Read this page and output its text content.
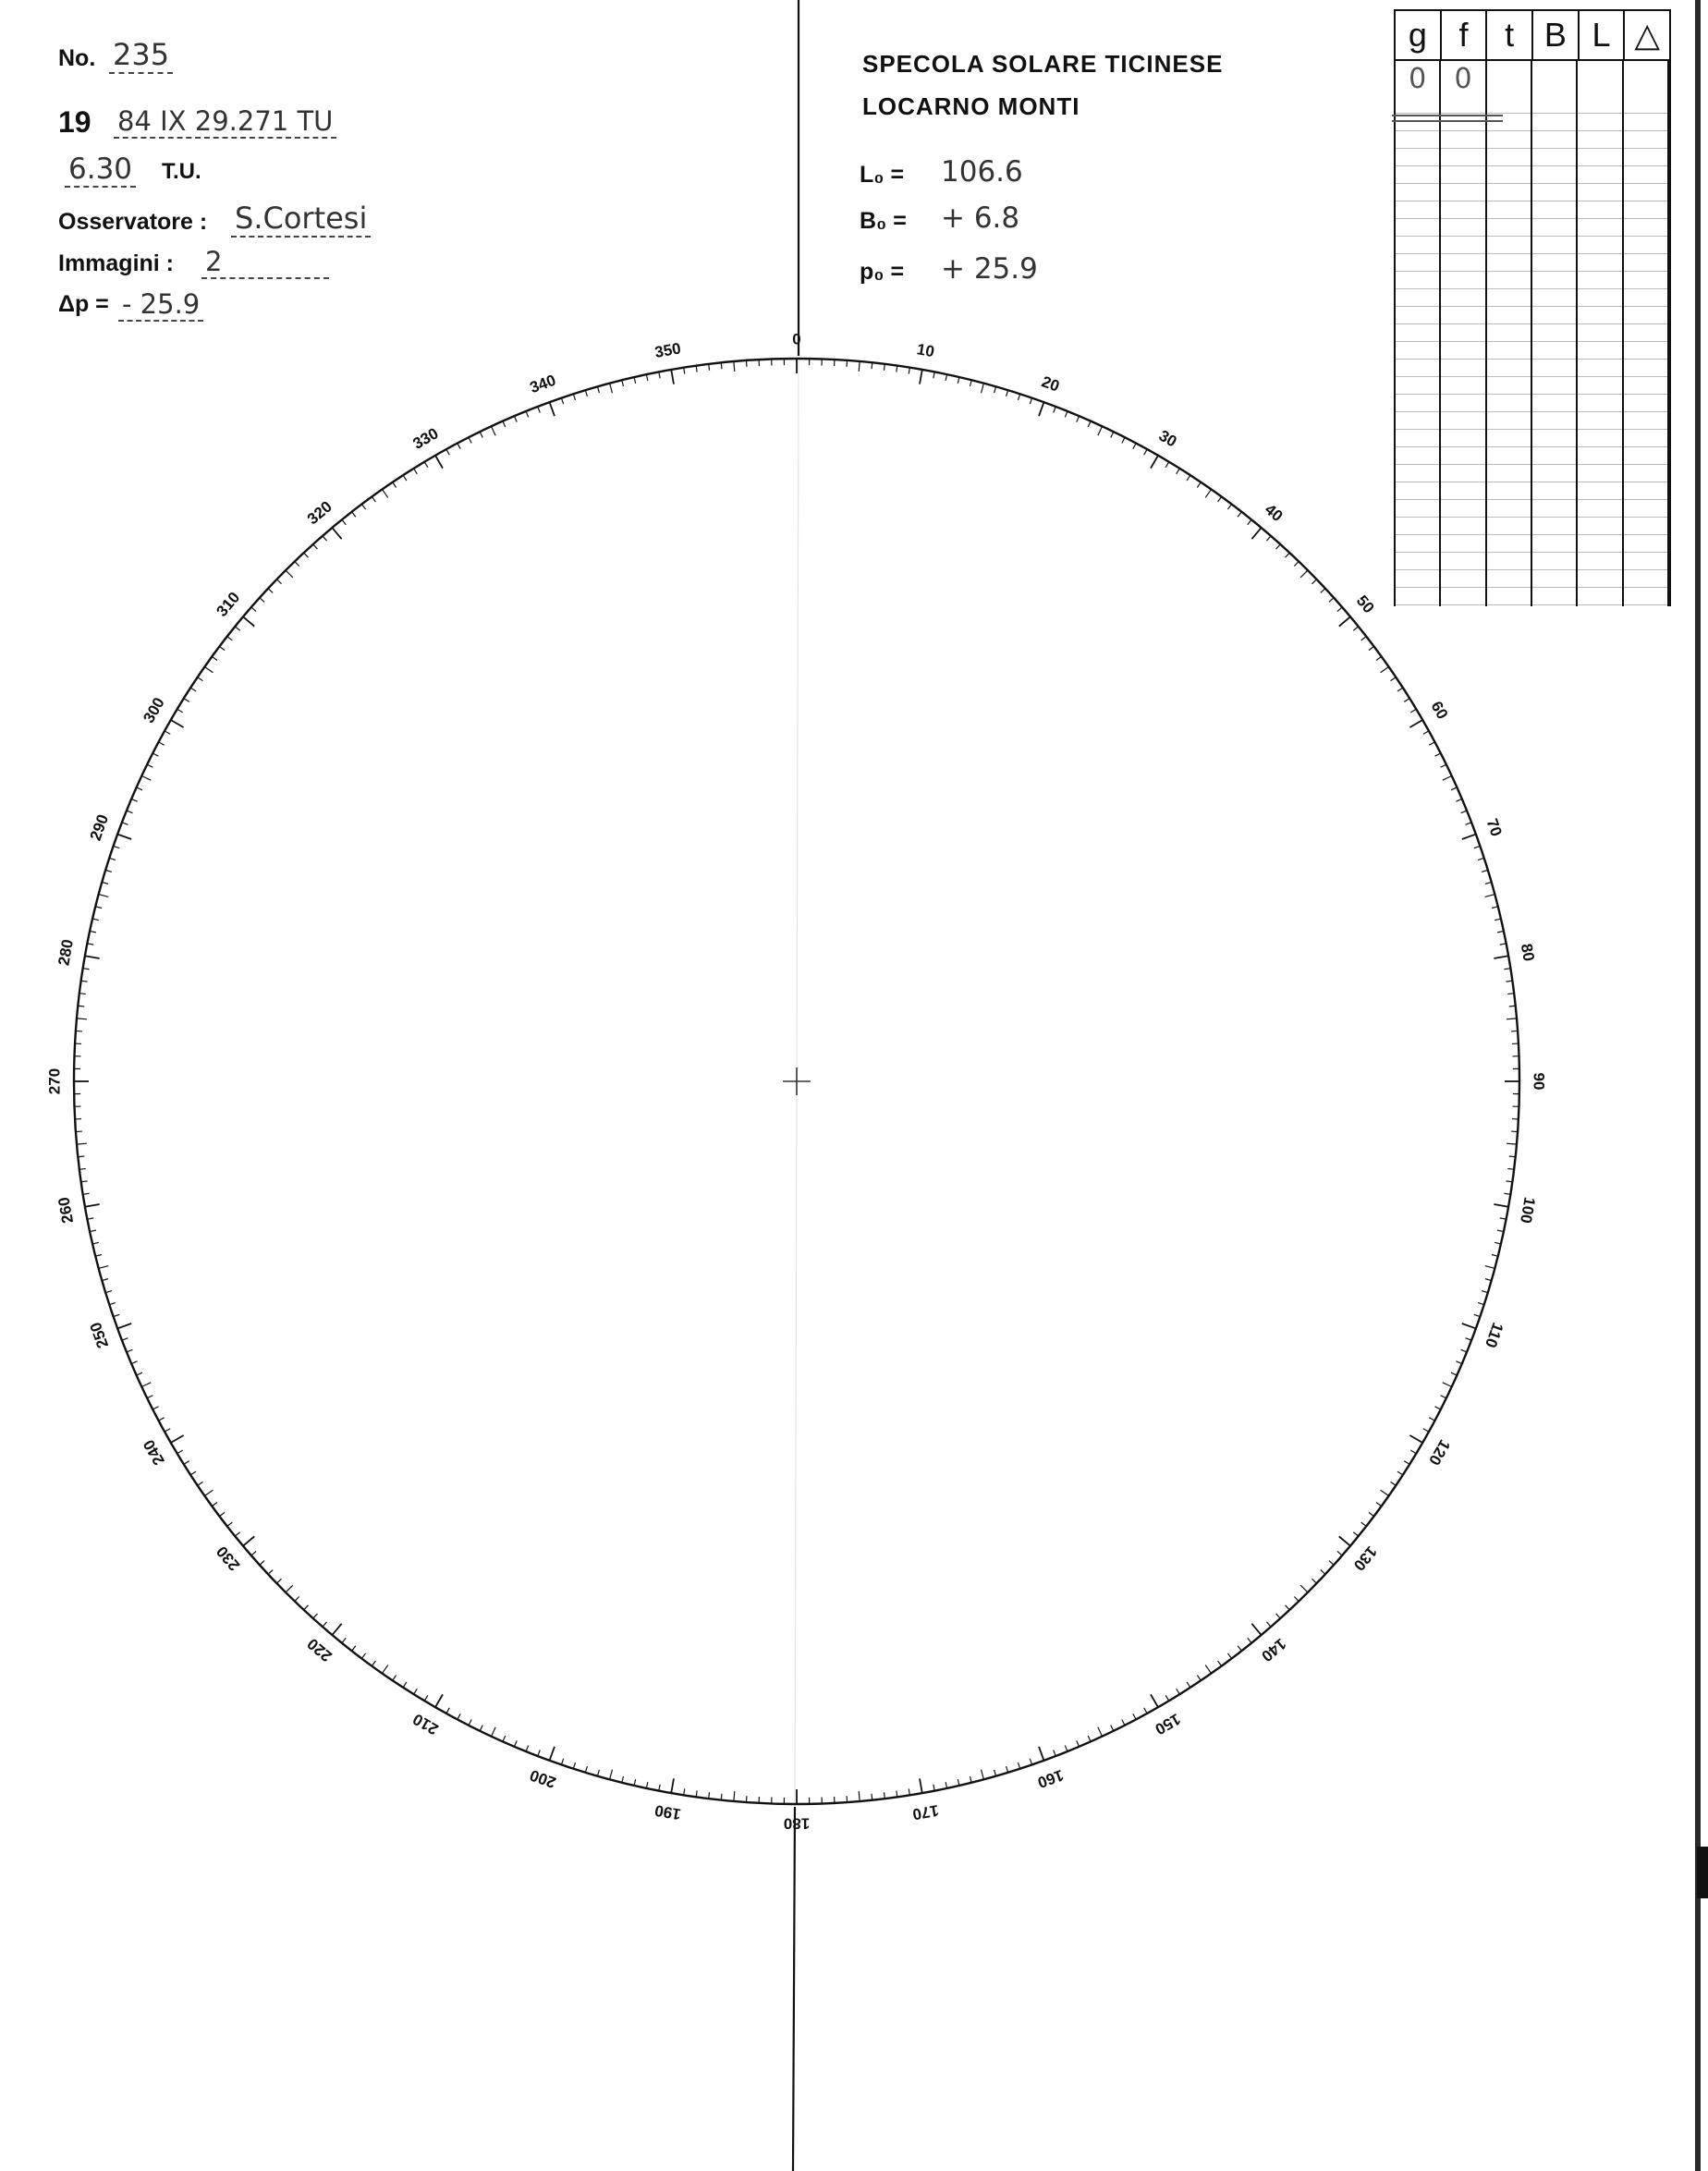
0
10
20
30
40
50
60
70
80
90
100
110
120
130
140
150
160
170
180
190
200
210
220
230
240
250
260
270
280
290
300
310
320
330
340
350
No. 235
19 84 IX 29.271 TU
6.30 T.U.
Osservatore : S.Cortesi
Immagini : 2
Δp = - 25.9
SPECOLA SOLARE TICINESE
LOCARNO MONTI
L₀ = 106.6
B₀ = + 6.8
p₀ = + 25.9
g f	t B L △
0	0
